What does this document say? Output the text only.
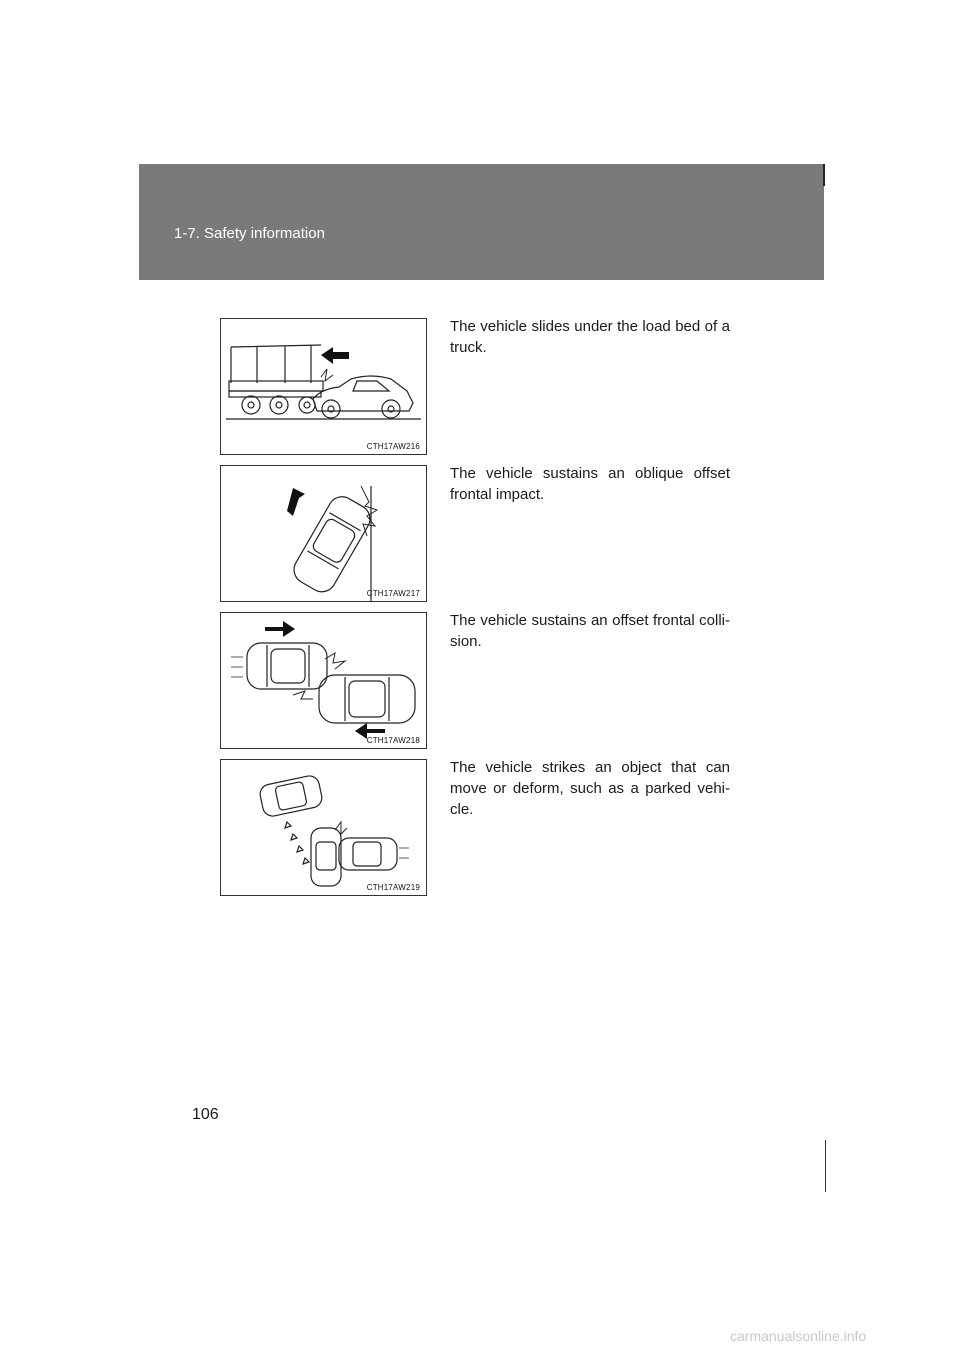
1-7. Safety information
CTH17AW216
The vehicle slides under the load bed of a truck.
CTH17AW217
The vehicle sustains an oblique offset frontal impact.
CTH17AW218
The vehicle sustains an offset frontal colli-sion.
CTH17AW219
The vehicle strikes an object that can move or deform, such as a parked vehi-cle.
106
carmanualsonline.info
